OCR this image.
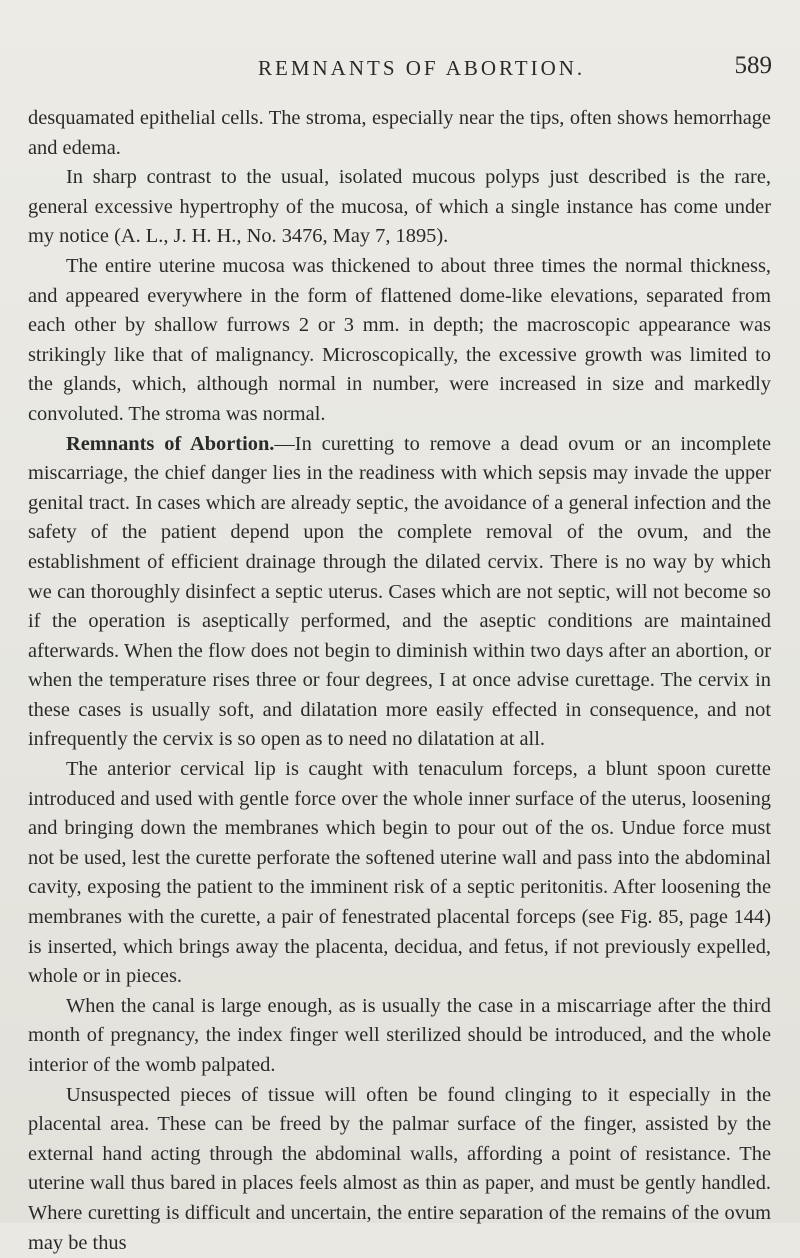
REMNANTS OF ABORTION.	589

desquamated epithelial cells. The stroma, especially near the tips, often shows hemorrhage and edema.

In sharp contrast to the usual, isolated mucous polyps just described is the rare, general excessive hypertrophy of the mucosa, of which a single instance has come under my notice (A. L., J. H. H., No. 3476, May 7, 1895).

The entire uterine mucosa was thickened to about three times the normal thickness, and appeared everywhere in the form of flattened dome-like elevations, separated from each other by shallow furrows 2 or 3 mm. in depth; the macroscopic appearance was strikingly like that of malignancy. Microscopically, the excessive growth was limited to the glands, which, although normal in number, were increased in size and markedly convoluted. The stroma was normal.

Remnants of Abortion.—In curetting to remove a dead ovum or an incomplete miscarriage, the chief danger lies in the readiness with which sepsis may invade the upper genital tract. In cases which are already septic, the avoidance of a general infection and the safety of the patient depend upon the complete removal of the ovum, and the establishment of efficient drainage through the dilated cervix. There is no way by which we can thoroughly disinfect a septic uterus. Cases which are not septic, will not become so if the operation is aseptically performed, and the aseptic conditions are maintained afterwards. When the flow does not begin to diminish within two days after an abortion, or when the temperature rises three or four degrees, I at once advise curettage. The cervix in these cases is usually soft, and dilatation more easily effected in consequence, and not infrequently the cervix is so open as to need no dilatation at all.

The anterior cervical lip is caught with tenaculum forceps, a blunt spoon curette introduced and used with gentle force over the whole inner surface of the uterus, loosening and bringing down the membranes which begin to pour out of the os. Undue force must not be used, lest the curette perforate the softened uterine wall and pass into the abdominal cavity, exposing the patient to the imminent risk of a septic peritonitis. After loosening the membranes with the curette, a pair of fenestrated placental forceps (see Fig. 85, page 144) is inserted, which brings away the placenta, decidua, and fetus, if not previously expelled, whole or in pieces.

When the canal is large enough, as is usually the case in a miscarriage after the third month of pregnancy, the index finger well sterilized should be introduced, and the whole interior of the womb palpated.

Unsuspected pieces of tissue will often be found clinging to it especially in the placental area. These can be freed by the palmar surface of the finger, assisted by the external hand acting through the abdominal walls, affording a point of resistance. The uterine wall thus bared in places feels almost as thin as paper, and must be gently handled. Where curetting is difficult and uncertain, the entire separation of the remains of the ovum may be thus
